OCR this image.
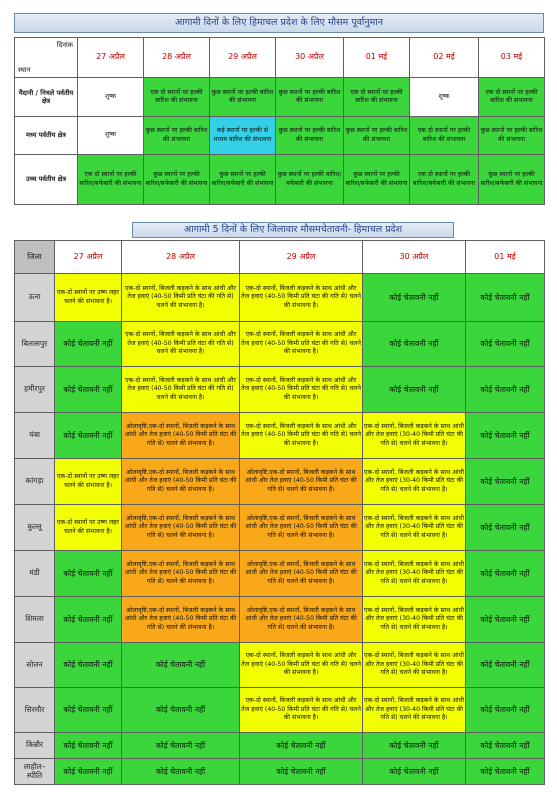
आगामी दिनों के लिए हिमाचल प्रदेश के लिए मौसम पूर्वानुमान
दिनांक
स्थान	27 अप्रैल	28 अप्रैल	29 अप्रैल	30 अप्रैल	01 मई	02 मई	03 मई
मैदानी / निचले पर्वतीय क्षेत्र	शुष्क	एक दो स्थानों पर हल्की बारिश की संभावना	कुछ स्थानों पर हल्की बारिश की संभावना	कुछ स्थानों पर हल्की बारिश की संभावना	एक दो स्थानों पर हल्की बारिश की संभावना	शुष्क	एक दो स्थानों पर हल्की बारिश की संभावना
मध्य पर्वतीय क्षेत्र	शुष्क	कुछ स्थानों पर हल्की बारिश की संभावना	कई स्थानों पर हल्की से मध्यम बारिश की संभावना	कुछ स्थानों पर हल्की बारिश की संभावना	कुछ स्थानों पर हल्की बारिश की संभावना	एक दो स्थानों पर हल्की बारिश की संभावना	कुछ स्थानों पर हल्की बारिश की संभावना
उच्च पर्वतीय क्षेत्र	एक दो स्थानों पर हल्की बारिश/बर्फबारी की संभावना	कुछ स्थानों पर हल्की बारिश/बर्फबारी की संभावना	कुछ स्थानों पर हल्की बारिश/बर्फबारी की संभावना	कुछ स्थानों पर हल्की बारिश/बर्फबारी की संभावना	कुछ स्थानों पर हल्की बारिश/बर्फबारी की संभावना	एक दो स्थानों पर हल्की बारिश/बर्फबारी की संभावना	कुछ स्थानों पर हल्की बारिश/बर्फबारी की संभावना
आगामी 5 दिनों के लिए जिलावार मौसमचेतावनी- हिमाचल प्रदेश
जिला	27 अप्रैल	28 अप्रैल	29 अप्रैल	30 अप्रैल	01 मई
ऊना	एक-दो स्थानों पर उष्ण लहर चलने की संभावना है।	एक-दो स्थानों, बिजली कड़कने के साथ आंधी और तेज हवाएं (40-50 किमी प्रति घंटा की गति से) चलने की संभावना है।	एक-दो स्थानों, बिजली कड़कने के साथ आंधी और तेज हवाएं (40-50 किमी प्रति घंटा की गति से) चलने की संभावना है।	कोई चेतावनी नहीं	कोई चेतावनी नहीं
बिलासपुर	कोई चेतावनी नहीं	एक-दो स्थानों, बिजली कड़कने के साथ आंधी और तेज हवाएं (40-50 किमी प्रति घंटा की गति से) चलने की संभावना है।	एक-दो स्थानों, बिजली कड़कने के साथ आंधी और तेज हवाएं (40-50 किमी प्रति घंटा की गति से) चलने की संभावना है।	कोई चेतावनी नहीं	कोई चेतावनी नहीं
हमीरपुर	कोई चेतावनी नहीं	एक-दो स्थानों, बिजली कड़कने के साथ आंधी और तेज हवाएं (40-50 किमी प्रति घंटा की गति से) चलने की संभावना है।	एक-दो स्थानों, बिजली कड़कने के साथ आंधी और तेज हवाएं (40-50 किमी प्रति घंटा की गति से) चलने की संभावना है।	कोई चेतावनी नहीं	कोई चेतावनी नहीं
चंबा	कोई चेतावनी नहीं	ओलावृष्टि,एक-दो स्थानों, बिजली कड़कने के साथ आंधी और तेज हवाएं (40-50 किमी प्रति घंटा की गति से) चलने की संभावना है।	एक-दो स्थानों, बिजली कड़कने के साथ आंधी और तेज हवाएं (40-50 किमी प्रति घंटा की गति से) चलने की संभावना है।	एक-दो स्थानों, बिजली कड़कने के साथ आंधी और तेज हवाएं (30-40 किमी प्रति घंटा की गति से) चलने की संभावना है।	कोई चेतावनी नहीं
कांगड़ा	एक-दो स्थानों पर उष्ण लहर चलने की संभावना है।	ओलावृष्टि,एक-दो स्थानों, बिजली कड़कने के साथ आंधी और तेज हवाएं (40-50 किमी प्रति घंटा की गति से) चलने की संभावना है।	ओलावृष्टि,एक-दो स्थानों, बिजली कड़कने के साथ आंधी और तेज हवाएं (40-50 किमी प्रति घंटा की गति से) चलने की संभावना है।	एक-दो स्थानों, बिजली कड़कने के साथ आंधी और तेज हवाएं (30-40 किमी प्रति घंटा की गति से) चलने की संभावना है।	कोई चेतावनी नहीं
कुल्लू	एक-दो स्थानों पर उष्ण लहर चलने की संभावना है।	ओलावृष्टि,एक-दो स्थानों, बिजली कड़कने के साथ आंधी और तेज हवाएं (40-50 किमी प्रति घंटा की गति से) चलने की संभावना है।	ओलावृष्टि,एक-दो स्थानों, बिजली कड़कने के साथ आंधी और तेज हवाएं (40-50 किमी प्रति घंटा की गति से) चलने की संभावना है।	एक-दो स्थानों, बिजली कड़कने के साथ आंधी और तेज हवाएं (30-40 किमी प्रति घंटा की गति से) चलने की संभावना है।	कोई चेतावनी नहीं
मंडी	कोई चेतावनी नहीं	ओलावृष्टि,एक-दो स्थानों, बिजली कड़कने के साथ आंधी और तेज हवाएं (40-50 किमी प्रति घंटा की गति से) चलने की संभावना है।	ओलावृष्टि,एक-दो स्थानों, बिजली कड़कने के साथ आंधी और तेज हवाएं (40-50 किमी प्रति घंटा की गति से) चलने की संभावना है।	एक-दो स्थानों, बिजली कड़कने के साथ आंधी और तेज हवाएं (30-40 किमी प्रति घंटा की गति से) चलने की संभावना है।	कोई चेतावनी नहीं
शिमला	कोई चेतावनी नहीं	ओलावृष्टि,एक-दो स्थानों, बिजली कड़कने के साथ आंधी और तेज हवाएं (40-50 किमी प्रति घंटा की गति से) चलने की संभावना है।	ओलावृष्टि,एक-दो स्थानों, बिजली कड़कने के साथ आंधी और तेज हवाएं (40-50 किमी प्रति घंटा की गति से) चलने की संभावना है।	एक-दो स्थानों, बिजली कड़कने के साथ आंधी और तेज हवाएं (30-40 किमी प्रति घंटा की गति से) चलने की संभावना है।	कोई चेतावनी नहीं
सोलन	कोई चेतावनी नहीं	कोई चेतावनी नहीं	एक-दो स्थानों, बिजली कड़कने के साथ आंधी और तेज हवाएं (40-50 किमी प्रति घंटा की गति से) चलने की संभावना है।	एक-दो स्थानों, बिजली कड़कने के साथ आंधी और तेज हवाएं (30-40 किमी प्रति घंटा की गति से) चलने की संभावना है।	कोई चेतावनी नहीं
सिरमौर	कोई चेतावनी नहीं	कोई चेतावनी नहीं	एक-दो स्थानों, बिजली कड़कने के साथ आंधी और तेज हवाएं (40-50 किमी प्रति घंटा की गति से) चलने की संभावना है।	एक-दो स्थानों, बिजली कड़कने के साथ आंधी और तेज हवाएं (30-40 किमी प्रति घंटा की गति से) चलने की संभावना है।	कोई चेतावनी नहीं
किन्नौर	कोई चेतावनी नहीं	कोई चेतावनी नहीं	कोई चेतावनी नहीं	कोई चेतावनी नहीं	कोई चेतावनी नहीं
लाहौल–स्पीति	कोई चेतावनी नहीं	कोई चेतावनी नहीं	कोई चेतावनी नहीं	कोई चेतावनी नहीं	कोई चेतावनी नहीं
